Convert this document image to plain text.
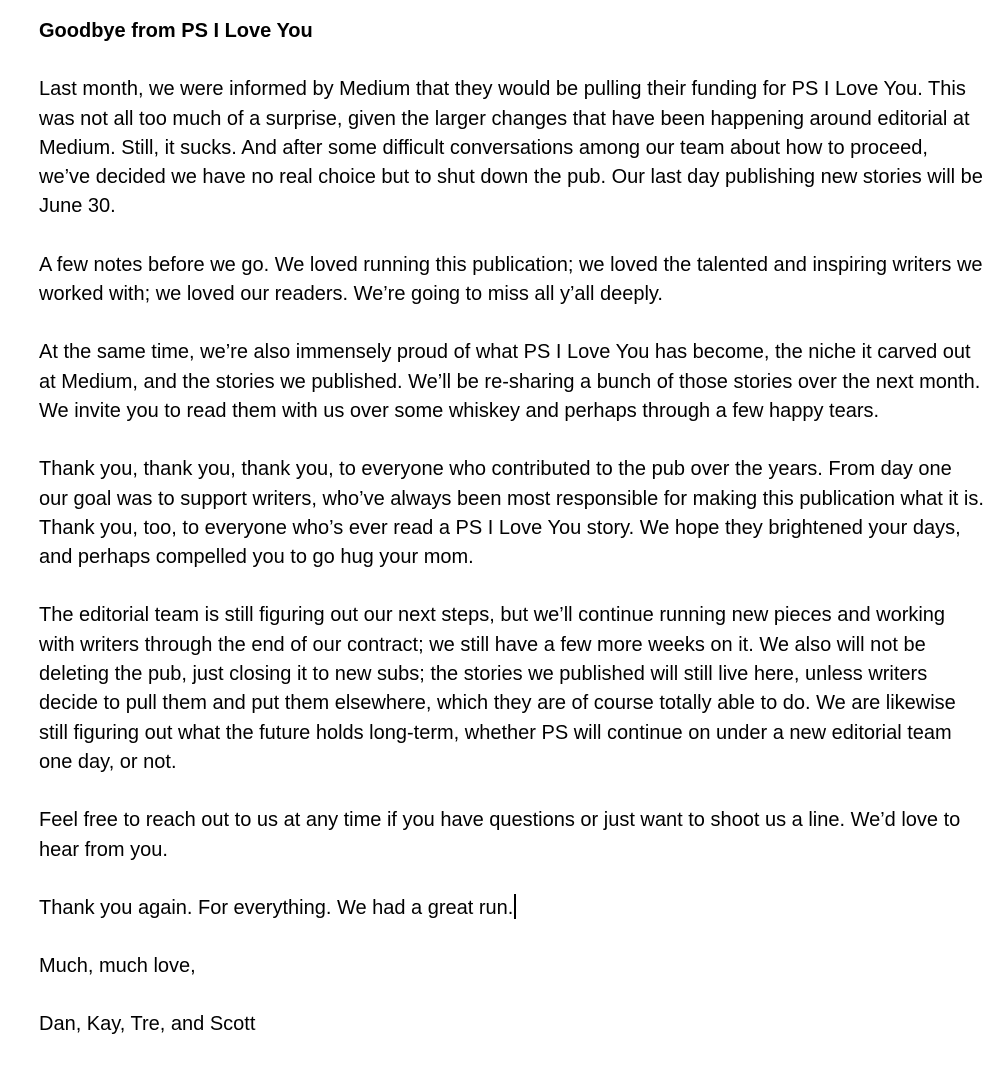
Goodbye from PS I Love You

Last month, we were informed by Medium that they would be pulling their funding for PS I Love You. This was not all too much of a surprise, given the larger changes that have been happening around editorial at Medium. Still, it sucks. And after some difficult conversations among our team about how to proceed, we’ve decided we have no real choice but to shut down the pub. Our last day publishing new stories will be June 30.

A few notes before we go. We loved running this publication; we loved the talented and inspiring writers we worked with; we loved our readers. We’re going to miss all y’all deeply.

At the same time, we’re also immensely proud of what PS I Love You has become, the niche it carved out at Medium, and the stories we published. We’ll be re-sharing a bunch of those stories over the next month. We invite you to read them with us over some whiskey and perhaps through a few happy tears.

Thank you, thank you, thank you, to everyone who contributed to the pub over the years. From day one our goal was to support writers, who’ve always been most responsible for making this publication what it is. Thank you, too, to everyone who’s ever read a PS I Love You story. We hope they brightened your days, and perhaps compelled you to go hug your mom.

The editorial team is still figuring out our next steps, but we’ll continue running new pieces and working with writers through the end of our contract; we still have a few more weeks on it. We also will not be deleting the pub, just closing it to new subs; the stories we published will still live here, unless writers decide to pull them and put them elsewhere, which they are of course totally able to do. We are likewise still figuring out what the future holds long-term, whether PS will continue on under a new editorial team one day, or not.

Feel free to reach out to us at any time if you have questions or just want to shoot us a line. We’d love to hear from you.

Thank you again. For everything. We had a great run.

Much, much love,

Dan, Kay, Tre, and Scott
